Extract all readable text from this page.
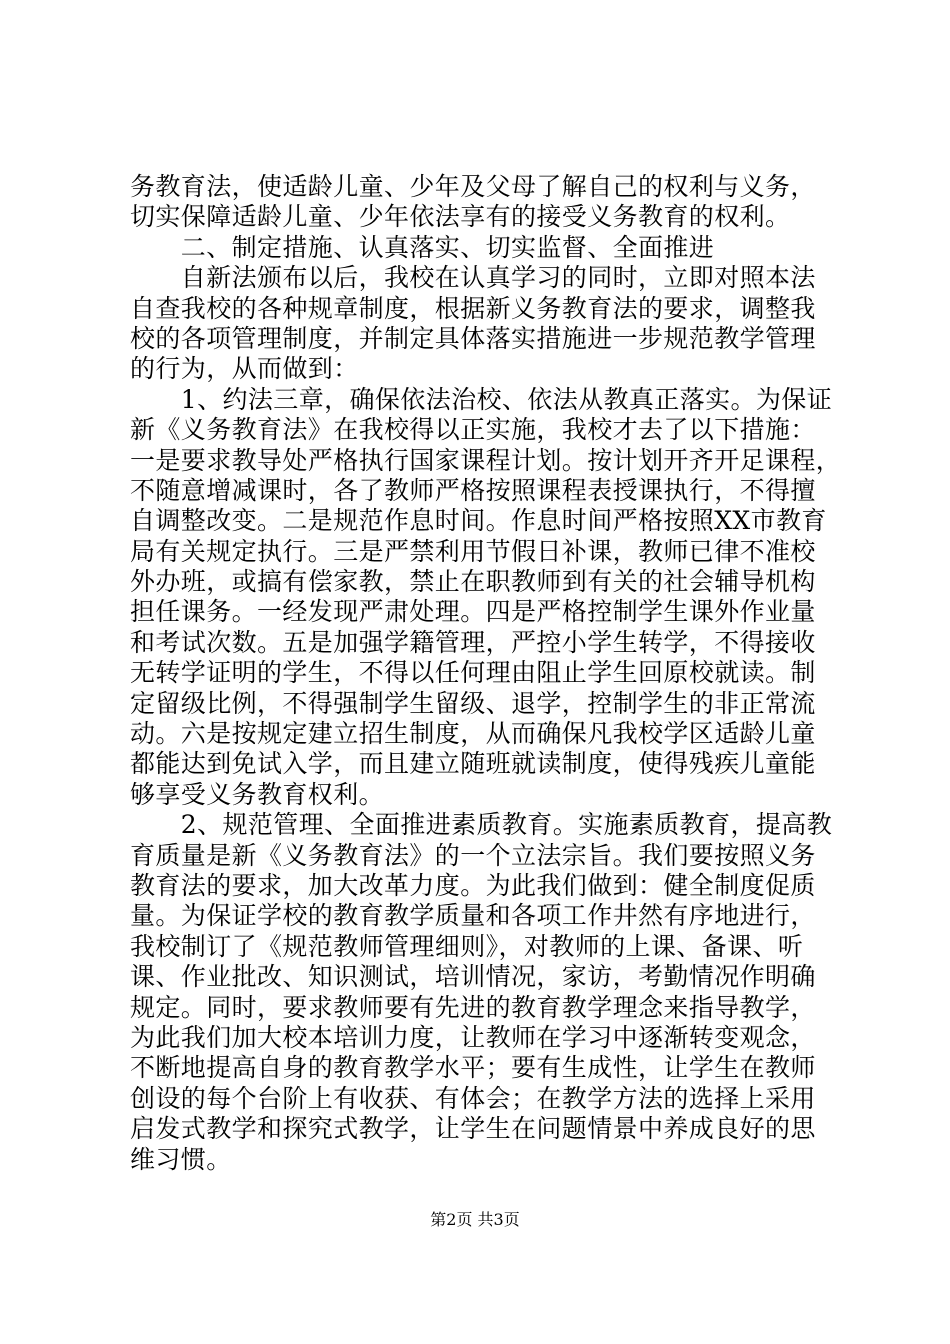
务教育法，使适龄儿童、少年及父母了解自己的权利与义务，
切实保障适龄儿童、少年依法享有的接受义务教育的权利。
　　二、制定措施、认真落实、切实监督、全面推进
　　自新法颁布以后，我校在认真学习的同时，立即对照本法
自查我校的各种规章制度，根据新义务教育法的要求，调整我
校的各项管理制度，并制定具体落实措施进一步规范教学管理
的行为，从而做到：
　　1、约法三章，确保依法治校、依法从教真正落实。为保证
新《义务教育法》在我校得以正实施，我校才去了以下措施：
一是要求教导处严格执行国家课程计划。按计划开齐开足课程，
不随意增减课时，各了教师严格按照课程表授课执行，不得擅
自调整改变。二是规范作息时间。作息时间严格按照XX市教育
局有关规定执行。三是严禁利用节假日补课，教师已律不准校
外办班，或搞有偿家教，禁止在职教师到有关的社会辅导机构
担任课务。一经发现严肃处理。四是严格控制学生课外作业量
和考试次数。五是加强学籍管理，严控小学生转学，不得接收
无转学证明的学生，不得以任何理由阻止学生回原校就读。制
定留级比例，不得强制学生留级、退学，控制学生的非正常流
动。六是按规定建立招生制度，从而确保凡我校学区适龄儿童
都能达到免试入学，而且建立随班就读制度，使得残疾儿童能
够享受义务教育权利。
　　2、规范管理、全面推进素质教育。实施素质教育，提高教
育质量是新《义务教育法》的一个立法宗旨。我们要按照义务
教育法的要求，加大改革力度。为此我们做到：健全制度促质
量。为保证学校的教育教学质量和各项工作井然有序地进行，
我校制订了《规范教师管理细则》，对教师的上课、备课、听
课、作业批改、知识测试，培训情况，家访，考勤情况作明确
规定。同时，要求教师要有先进的教育教学理念来指导教学，
为此我们加大校本培训力度，让教师在学习中逐渐转变观念，
不断地提高自身的教育教学水平；要有生成性，让学生在教师
创设的每个台阶上有收获、有体会；在教学方法的选择上采用
启发式教学和探究式教学，让学生在问题情景中养成良好的思
维习惯。
第2页 共3页
